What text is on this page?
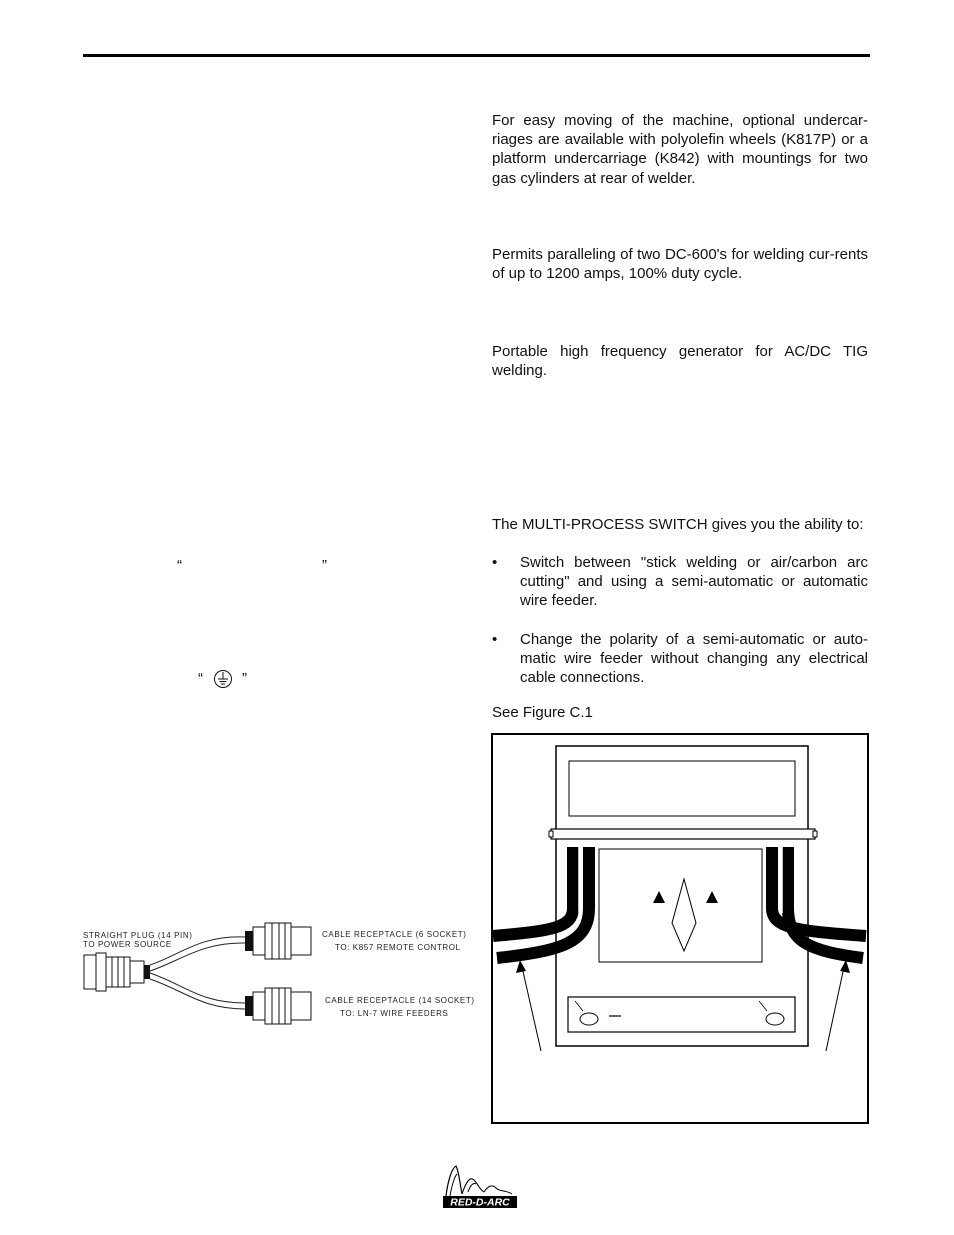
For easy moving of the machine, optional undercar-riages are available with polyolefin wheels (K817P) or a platform undercarriage (K842) with mountings for two gas cylinders at rear of welder.

Permits paralleling of two DC-600's for welding cur-rents of up to 1200 amps, 100% duty cycle.

Portable high frequency generator for AC/DC TIG welding.

The MULTI-PROCESS SWITCH gives you the ability to:

• Switch between "stick welding or air/carbon arc cutting" and using a semi-automatic or automatic wire feeder.
• Change the polarity of a semi-automatic or auto-matic wire feeder without changing any electrical cable connections.

See Figure C.1

“	”
“	”
STRAIGHT PLUG (14 PIN)
TO POWER SOURCE
CABLE RECEPTACLE (6 SOCKET)
TO: K857 REMOTE CONTROL
CABLE RECEPTACLE (14 SOCKET)
TO: LN-7 WIRE FEEDERS
RED-D-ARC
